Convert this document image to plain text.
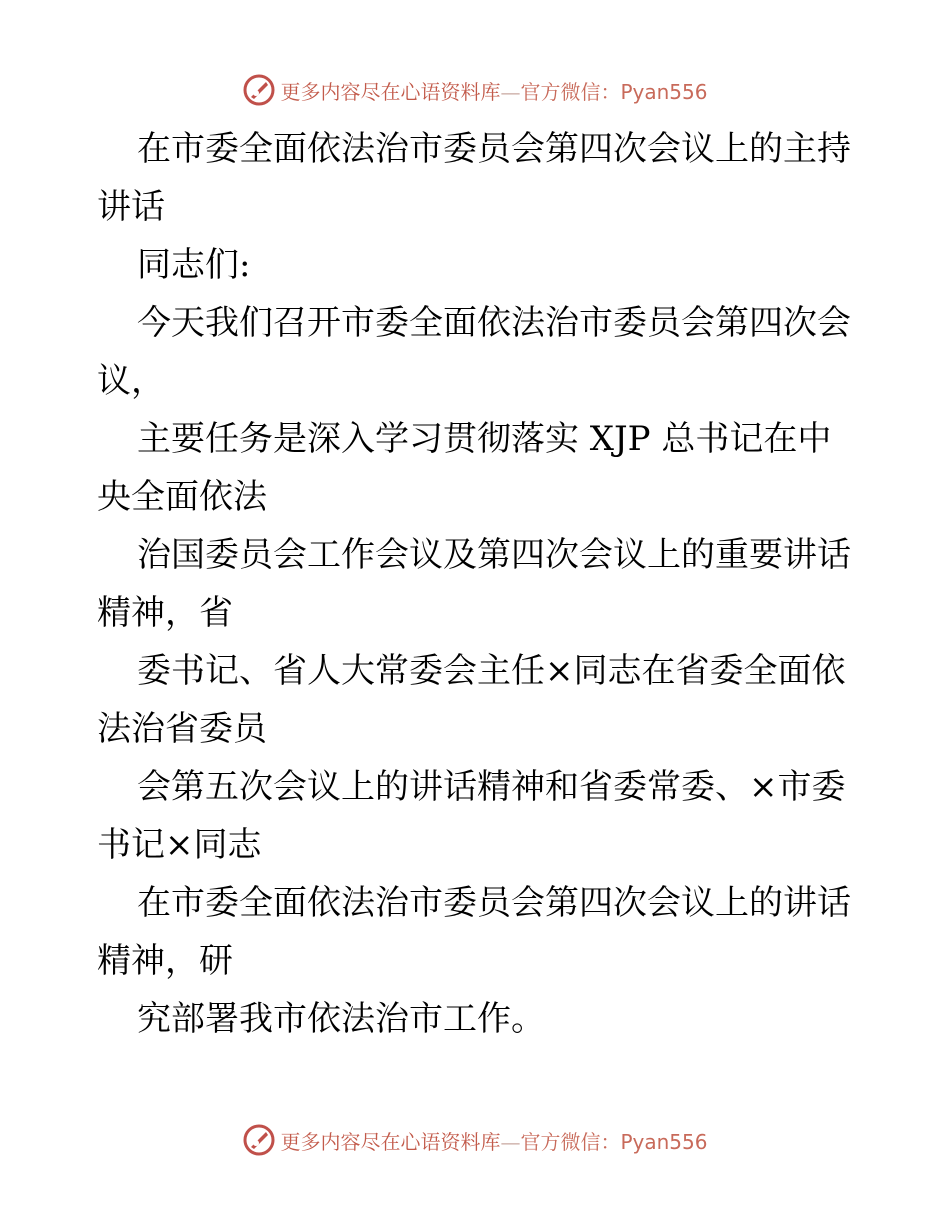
更多内容尽在心语资料库—官方微信：Pyan556
在市委全面依法治市委员会第四次会议上的主持
讲话
同志们:
今天我们召开市委全面依法治市委员会第四次会
议，
主要任务是深入学习贯彻落实 XJP 总书记在中
央全面依法
治国委员会工作会议及第四次会议上的重要讲话
精神，省
委书记、省人大常委会主任×同志在省委全面依
法治省委员
会第五次会议上的讲话精神和省委常委、×市委
书记×同志
在市委全面依法治市委员会第四次会议上的讲话
精神，研
究部署我市依法治市工作。
更多内容尽在心语资料库—官方微信：Pyan556
